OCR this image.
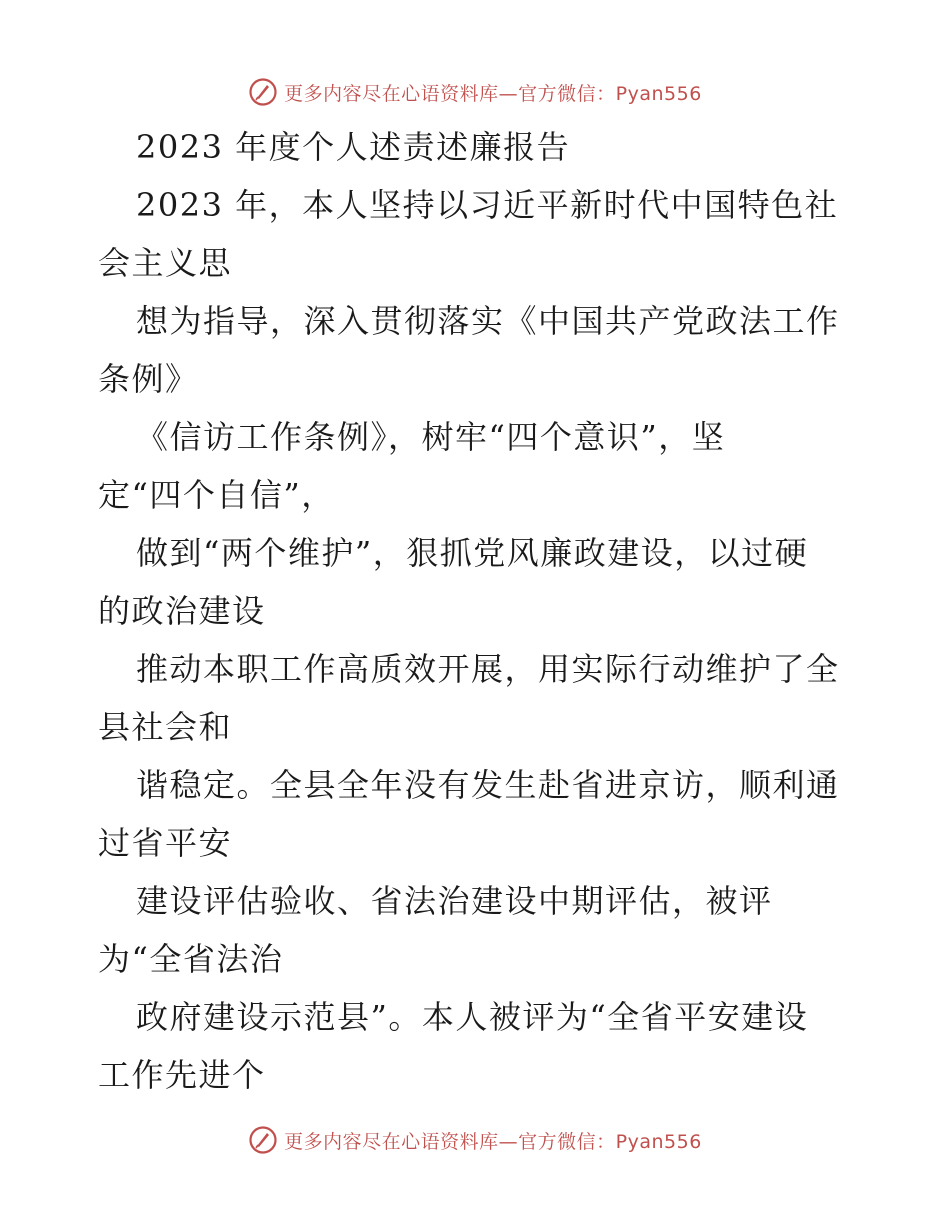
更多内容尽在心语资料库—官方微信：Pyan556
2023 年度个人述责述廉报告
2023 年，本人坚持以习近平新时代中国特色社
会主义思
想为指导，深入贯彻落实《中国共产党政法工作
条例》
《信访工作条例》，树牢“四个意识”，坚
定“四个自信”，
做到“两个维护”，狠抓党风廉政建设，以过硬
的政治建设
推动本职工作高质效开展，用实际行动维护了全
县社会和
谐稳定。全县全年没有发生赴省进京访，顺利通
过省平安
建设评估验收、省法治建设中期评估，被评
为“全省法治
政府建设示范县”。本人被评为“全省平安建设
工作先进个
更多内容尽在心语资料库—官方微信：Pyan556
